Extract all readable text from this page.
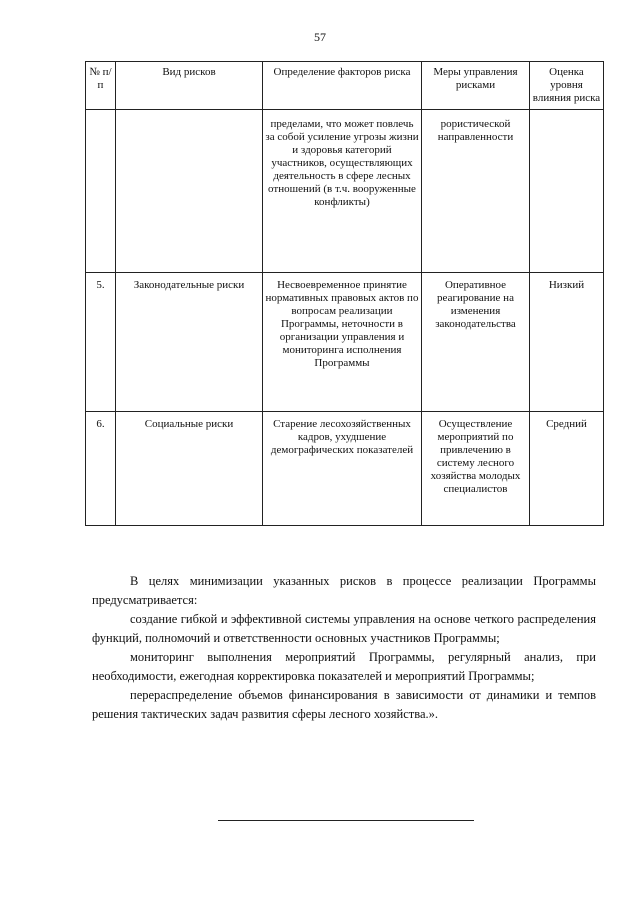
57
№ п/п	Вид рисков	Определение факторов риска	Меры управления рисками	Оценка уровня влияния риска
		пределами, что может повлечь за собой усиление угрозы жизни и здоровья категорий участников, осуществляющих деятельность в сфере лесных отношений (в т.ч. вооруженные конфликты)	рористической направленности	
5.	Законодательные риски	Несвоевременное принятие нормативных правовых актов по вопросам реализации Программы, неточности в организации управления и мониторинга исполнения Программы	Оперативное реагирование на изменения законодательства	Низкий
6.	Социальные риски	Старение лесохозяйственных кадров, ухудшение демографических показателей	Осуществление мероприятий по привлечению в систему лесного хозяйства молодых специалистов	Средний

В целях минимизации указанных рисков в процессе реализации Программы предусматривается:

создание гибкой и эффективной системы управления на основе четкого распределения функций, полномочий и ответственности основных участников Программы;

мониторинг выполнения мероприятий Программы, регулярный анализ, при необходимости, ежегодная корректировка показателей и мероприятий Программы;

перераспределение объемов финансирования в зависимости от динамики и темпов решения тактических задач развития сферы лесного хозяйства.».
